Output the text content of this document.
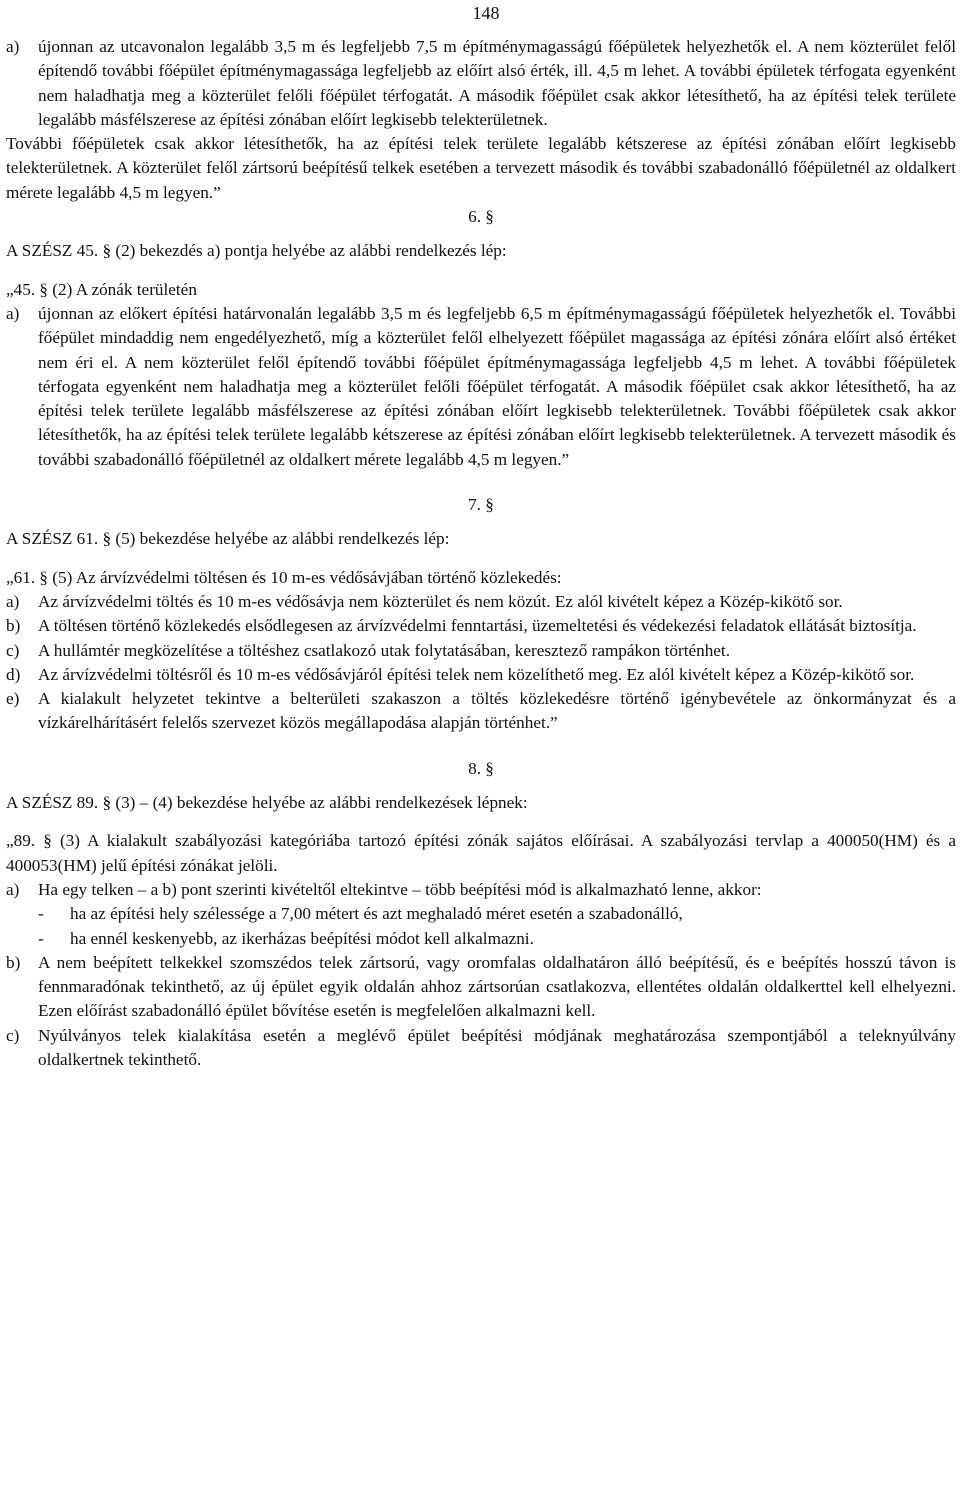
148
a)	újonnan az utcavonalon legalább 3,5 m és legfeljebb 7,5 m építménymagasságú főépületek helyezhetők el. A nem közterület felől építendő további főépület építménymagassága legfeljebb az előírt alsó érték, ill. 4,5 m lehet. A további épületek térfogata egyenként nem haladhatja meg a közterület felőli főépület térfogatát. A második főépület csak akkor létesíthető, ha az építési telek területe legalább másfélszerese az építési zónában előírt legkisebb telekterületnek.

További főépületek csak akkor létesíthetők, ha az építési telek területe legalább kétszerese az építési zónában előírt legkisebb telekterületnek. A közterület felől zártsorú beépítésű telkek esetében a tervezett második és további szabadonálló főépületnél az oldalkert mérete legalább 4,5 m legyen.”

6. §

A SZÉSZ 45. § (2) bekezdés a) pontja helyébe az alábbi rendelkezés lép:

„45. § (2) A zónák területén

a)	újonnan az előkert építési határvonalán legalább 3,5 m és legfeljebb 6,5 m építménymagasságú főépületek helyezhetők el. További főépület mindaddig nem engedélyezhető, míg a közterület felől elhelyezett főépület magassága az építési zónára előírt alsó értéket nem éri el. A nem közterület felől építendő további főépület építménymagassága legfeljebb 4,5 m lehet. A további főépületek térfogata egyenként nem haladhatja meg a közterület felőli főépület térfogatát. A második főépület csak akkor létesíthető, ha az építési telek területe legalább másfélszerese az építési zónában előírt legkisebb telekterületnek. További főépületek csak akkor létesíthetők, ha az építési telek területe legalább kétszerese az építési zónában előírt legkisebb telekterületnek. A tervezett második és további szabadonálló főépületnél az oldalkert mérete legalább 4,5 m legyen.”

7. §

A SZÉSZ 61. § (5) bekezdése helyébe az alábbi rendelkezés lép:

„61. § (5) Az árvízvédelmi töltésen és 10 m-es védősávjában történő közlekedés:

a)	Az árvízvédelmi töltés és 10 m-es védősávja nem közterület és nem közút. Ez alól kivételt képez a Közép-kikötő sor.
b)	A töltésen történő közlekedés elsődlegesen az árvízvédelmi fenntartási, üzemeltetési és védekezési feladatok ellátását biztosítja.
c)	A hullámtér megközelítése a töltéshez csatlakozó utak folytatásában, keresztező rampákon történhet.
d)	Az árvízvédelmi töltésről és 10 m-es védősávjáról építési telek nem közelíthető meg. Ez alól kivételt képez a Közép-kikötő sor.
e)	A kialakult helyzetet tekintve a belterületi szakaszon a töltés közlekedésre történő igénybevétele az önkormányzat és a vízkárelhárításért felelős szervezet közös megállapodása alapján történhet.”

8. §

A SZÉSZ 89. § (3) – (4) bekezdése helyébe az alábbi rendelkezések lépnek:

„89. § (3) A kialakult szabályozási kategóriába tartozó építési zónák sajátos előírásai. A szabályozási tervlap a 400050(HM) és a 400053(HM) jelű építési zónákat jelöli.

a)	Ha egy telken – a b) pont szerinti kivételtől eltekintve – több beépítési mód is alkalmazható lenne, akkor:
-	ha az építési hely szélessége a 7,00 métert és azt meghaladó méret esetén a szabadonálló,
-	ha ennél keskenyebb, az ikerházas beépítési módot kell alkalmazni.
b)	A nem beépített telkekkel szomszédos telek zártsorú, vagy oromfalas oldalhatáron álló beépítésű, és e beépítés hosszú távon is fennmaradónak tekinthető, az új épület egyik oldalán ahhoz zártsorúan csatlakozva, ellentétes oldalán oldalkerttel kell elhelyezni. Ezen előírást szabadonálló épület bővítése esetén is megfelelően alkalmazni kell.
c)	Nyúlványos telek kialakítása esetén a meglévő épület beépítési módjának meghatározása szempontjából a teleknyúlvány oldalkertnek tekinthető.
